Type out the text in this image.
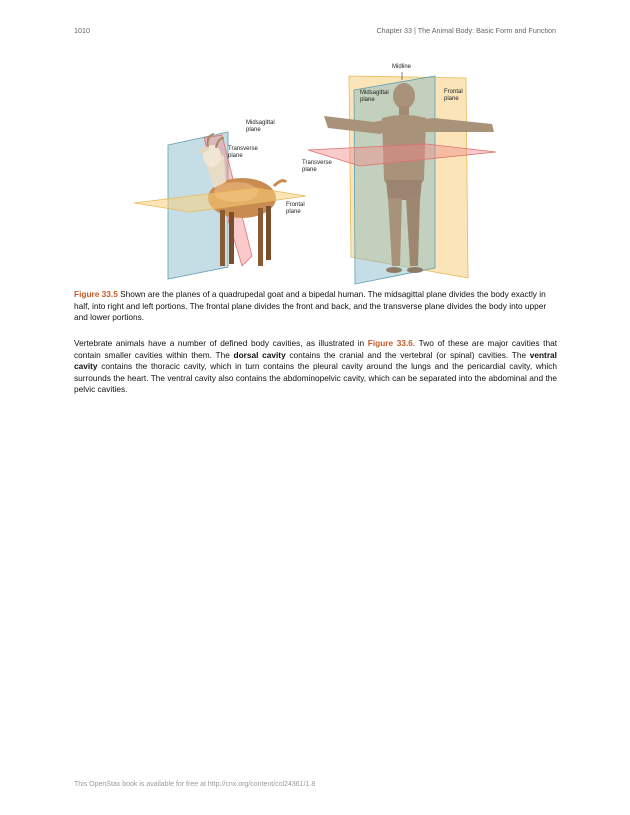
1010	Chapter 33 | The Animal Body: Basic Form and Function
Midsagittal
plane
Transverse
plane
Frontal
plane
Midline
Midsagittal
plane
Frontal
plane
Transverse
plane
Figure 33.5 Shown are the planes of a quadrupedal goat and a bipedal human. The midsagittal plane divides the body exactly in half, into right and left portions. The frontal plane divides the front and back, and the transverse plane divides the body into upper and lower portions.
Vertebrate animals have a number of defined body cavities, as illustrated in Figure 33.6. Two of these are major cavities that contain smaller cavities within them. The dorsal cavity contains the cranial and the vertebral (or spinal) cavities. The ventral cavity contains the thoracic cavity, which in turn contains the pleural cavity around the lungs and the pericardial cavity, which surrounds the heart. The ventral cavity also contains the abdominopelvic cavity, which can be separated into the abdominal and the pelvic cavities.
This OpenStax book is available for free at http://cnx.org/content/col24361/1.8
